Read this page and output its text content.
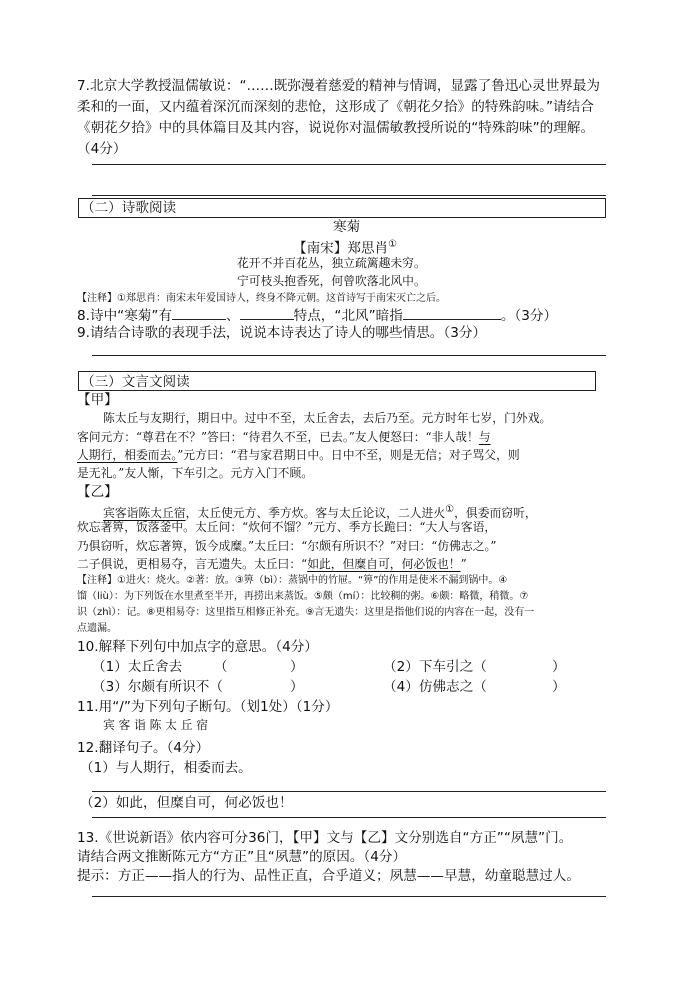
7.北京大学教授温儒敏说：“……既弥漫着慈爱的精神与情调，显露了鲁迅心灵世界最为
柔和的一面，又内蕴着深沉而深刻的悲怆，这形成了《朝花夕拾》的特殊韵味。”请结合
《朝花夕拾》中的具体篇目及其内容，说说你对温儒敏教授所说的“特殊韵味”的理解。
（4分）
（二）诗歌阅读
寒菊
【南宋】郑思肖①
花开不并百花丛，独立疏篱趣未穷。
宁可枝头抱香死，何曾吹落北风中。
【注释】①郑思肖：南宋末年爱国诗人，终身不降元朝。这首诗写于南宋灭亡之后。
8.诗中“寒菊”有	、	特点，“北风”暗指	。（3分）
9.请结合诗歌的表现手法，说说本诗表达了诗人的哪些情思。（3分）
（三）文言文阅读
【甲】
陈太丘与友期行，期日中。过中不至，太丘舍去，去后乃至。元方时年七岁，门外戏。
客问元方：“尊君在不？”答曰：“待君久不至，已去。”友人便怒曰：“非人哉！与
人期行，相委而去。”元方曰：“君与家君期日中。日中不至，则是无信；对子骂父，则
是无礼。”友人惭，下车引之。元方入门不顾。
【乙】
宾客诣陈太丘宿，太丘使元方、季方炊。客与太丘论议，二人进火①，俱委而窃听，
炊忘著箅，饭落釜中。太丘问：“炊何不馏？”元方、季方长跪曰：“大人与客语，
乃俱窃听，炊忘著箅，饭今成糜。”太丘曰：“尔颇有所识不？”对曰：“仿佛志之。”
二子俱说，更相易夺，言无遗失。太丘曰：“如此，但糜自可，何必饭也！”
【注释】①进火：烧火。②著：放。③箅（bì）：蒸锅中的竹屉。“箅”的作用是使米不漏到锅中。④
馏（liù）：为下列饭在水里煮至半开，再捞出来蒸饭。⑤颇（mí）：比较稠的粥。⑥颇：略微，稍微。⑦
识（zhì）：记。⑧更相易夺：这里指互相修正补充。⑨言无遗失：这里是指他们说的内容在一起，没有一
点遗漏。
10.解释下列句中加点字的意思。（4分）
（1）太丘舍去 （	）	（2）下车引之（	）
（3）尔颇有所识不（	）	（4）仿佛志之（	）
11.用“/”为下列句子断句。（划1处）（1分）
宾 客 诣 陈 太 丘 宿
12.翻译句子。（4分）
（1）与人期行，相委而去。
（2）如此，但糜自可，何必饭也！
13.《世说新语》依内容可分36门，【甲】文与【乙】文分别选自“方正”“夙慧”门。
请结合两文推断陈元方“方正”且“夙慧”的原因。（4分）
提示：方正——指人的行为、品性正直，合乎道义；夙慧——早慧，幼童聪慧过人。
